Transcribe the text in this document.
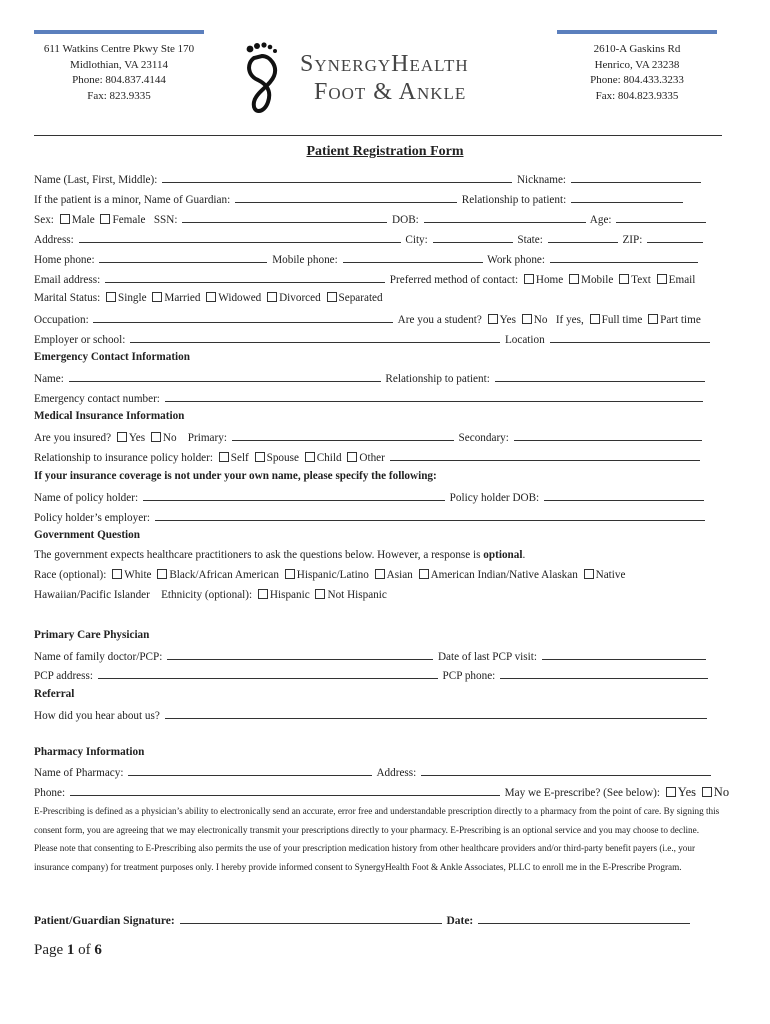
611 Watkins Centre Pkwy Ste 170
Midlothian, VA 23114
Phone: 804.837.4144
Fax: 823.9335
SynergyHealth
Foot & Ankle
2610-A Gaskins Rd
Henrico, VA 23238
Phone: 804.433.3233
Fax: 804.823.9335
Patient Registration Form
Name (Last, First, Middle):	Nickname:
If the patient is a minor, Name of Guardian:	Relationship to patient:
Sex: Male Female SSN:	DOB:	Age:
Address:	City:	State:	ZIP:
Home phone:	Mobile phone:	Work phone:
Email address:	Preferred method of contact: Home Mobile Text Email
Marital Status: Single Married Widowed Divorced Separated
Occupation:	Are you a student? Yes No If yes, Full time Part time
Employer or school:	Location
Emergency Contact Information
Name:	Relationship to patient:
Emergency contact number:
Medical Insurance Information
Are you insured? Yes No Primary:	Secondary:
Relationship to insurance policy holder: Self Spouse Child Other
If your insurance coverage is not under your own name, please specify the following:
Name of policy holder:	Policy holder DOB:
Policy holder’s employer:
Government Question
The government expects healthcare practitioners to ask the questions below. However, a response is optional.
Race (optional): White Black/African American Hispanic/Latino Asian American Indian/Native Alaskan Native
Hawaiian/Pacific Islander Ethnicity (optional): Hispanic Not Hispanic
Primary Care Physician
Name of family doctor/PCP:	Date of last PCP visit:
PCP address:	PCP phone:
Referral
How did you hear about us?
Pharmacy Information
Name of Pharmacy:	Address:
Phone:	May we E-prescribe? (See below): Yes No
E-Prescribing is defined as a physician’s ability to electronically send an accurate, error free and understandable prescription directly to a pharmacy from the point of care. By signing this consent form, you are agreeing that we may electronically transmit your prescriptions directly to your pharmacy. E-Prescribing is an optional service and you may choose to decline. Please note that consenting to E-Prescribing also permits the use of your prescription medication history from other healthcare providers and/or third-party benefit payers (i.e., your insurance company) for treatment purposes only. I hereby provide informed consent to SynergyHealth Foot & Ankle Associates, PLLC to enroll me in the E-Prescribe Program.
Patient/Guardian Signature:	Date:
Page 1 of 6
